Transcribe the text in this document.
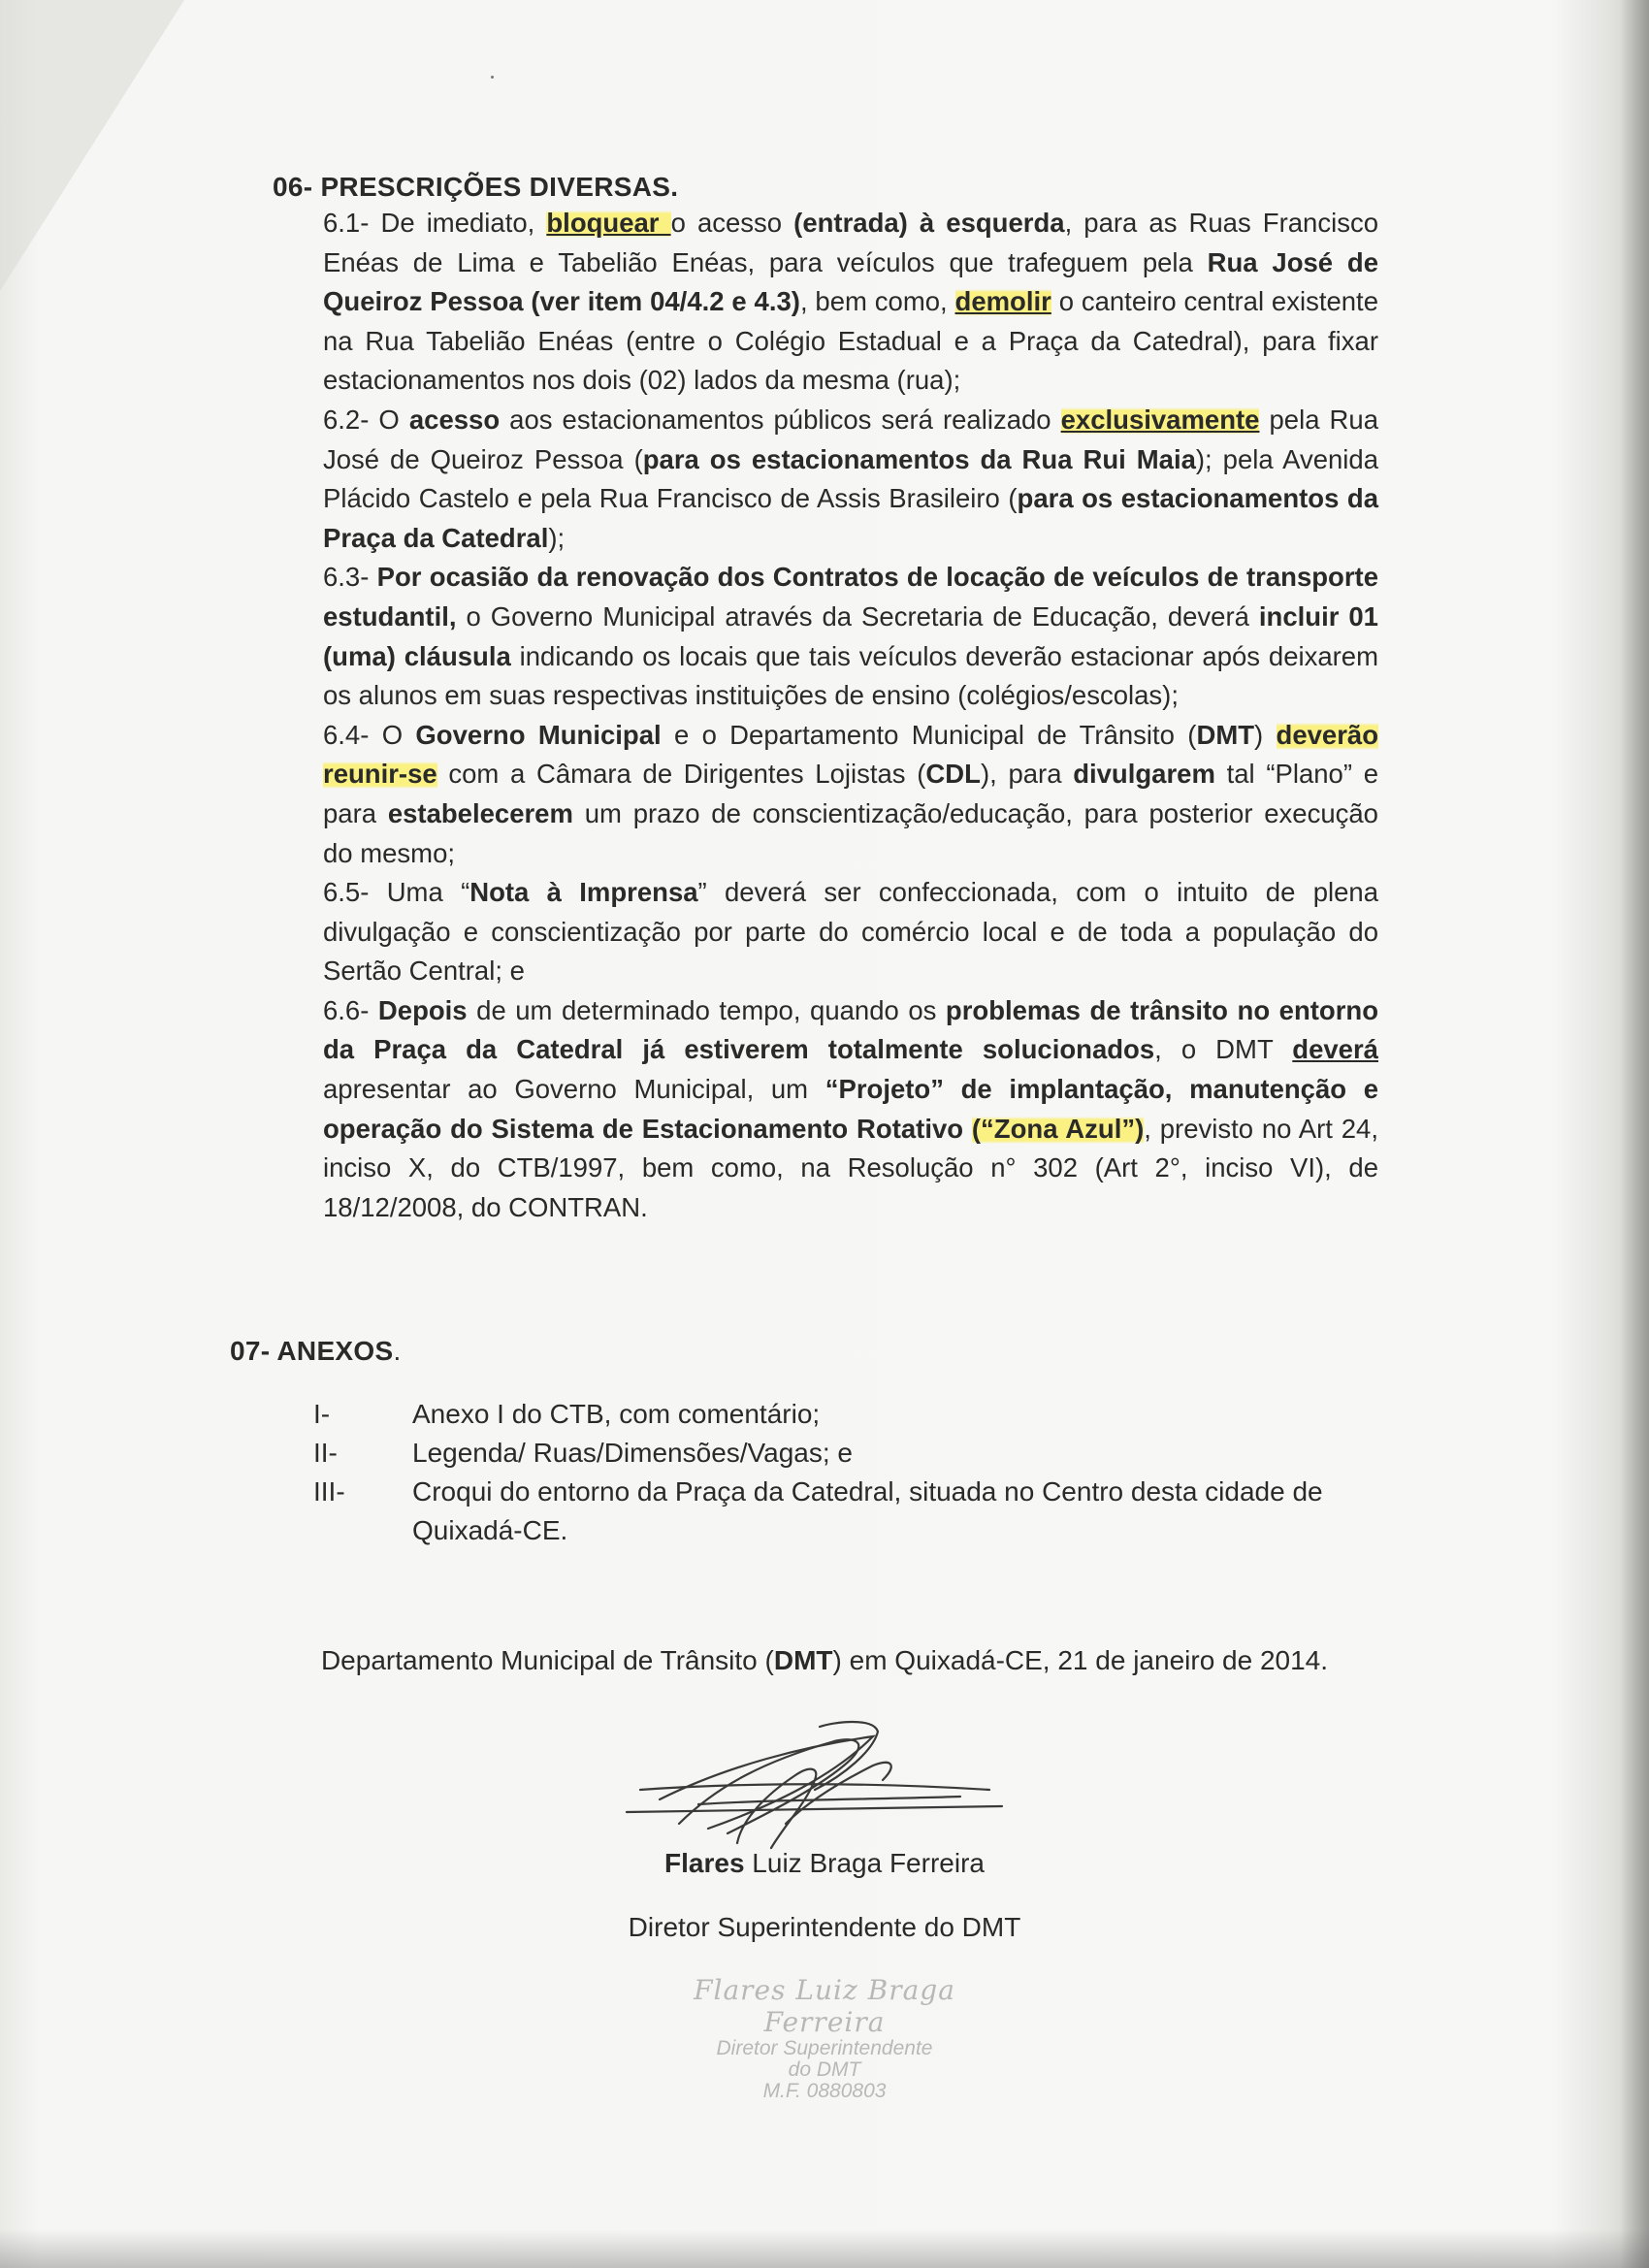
06- PRESCRIÇÕES DIVERSAS.

6.1- De imediato, bloquear o acesso (entrada) à esquerda, para as Ruas Francisco Enéas de Lima e Tabelião Enéas, para veículos que trafeguem pela Rua José de Queiroz Pessoa (ver item 04/4.2 e 4.3), bem como, demolir o canteiro central existente na Rua Tabelião Enéas (entre o Colégio Estadual e a Praça da Catedral), para fixar estacionamentos nos dois (02) lados da mesma (rua);

6.2- O acesso aos estacionamentos públicos será realizado exclusivamente pela Rua José de Queiroz Pessoa (para os estacionamentos da Rua Rui Maia); pela Avenida Plácido Castelo e pela Rua Francisco de Assis Brasileiro (para os estacionamentos da Praça da Catedral);

6.3- Por ocasião da renovação dos Contratos de locação de veículos de transporte estudantil, o Governo Municipal através da Secretaria de Educação, deverá incluir 01 (uma) cláusula indicando os locais que tais veículos deverão estacionar após deixarem os alunos em suas respectivas instituições de ensino (colégios/escolas);

6.4- O Governo Municipal e o Departamento Municipal de Trânsito (DMT) deverão reunir-se com a Câmara de Dirigentes Lojistas (CDL), para divulgarem tal “Plano” e para estabelecerem um prazo de conscientização/educação, para posterior execução do mesmo;

6.5- Uma “Nota à Imprensa” deverá ser confeccionada, com o intuito de plena divulgação e conscientização por parte do comércio local e de toda a população do Sertão Central; e

6.6- Depois de um determinado tempo, quando os problemas de trânsito no entorno da Praça da Catedral já estiverem totalmente solucionados, o DMT deverá apresentar ao Governo Municipal, um “Projeto” de implantação, manutenção e operação do Sistema de Estacionamento Rotativo (“Zona Azul”), previsto no Art 24, inciso X, do CTB/1997, bem como, na Resolução n° 302 (Art 2°, inciso VI), de 18/12/2008, do CONTRAN.

07- ANEXOS.
I-	Anexo I do CTB, com comentário;
II-	Legenda/ Ruas/Dimensões/Vagas; e
III-	Croqui do entorno da Praça da Catedral, situada no Centro desta cidade de Quixadá-CE.
Departamento Municipal de Trânsito (DMT) em Quixadá-CE, 21 de janeiro de 2014.
Flares Luiz Braga Ferreira
Diretor Superintendente do DMT
Flares Luiz Braga Ferreira
Diretor Superintendente
do DMT
M.F. 0880803
